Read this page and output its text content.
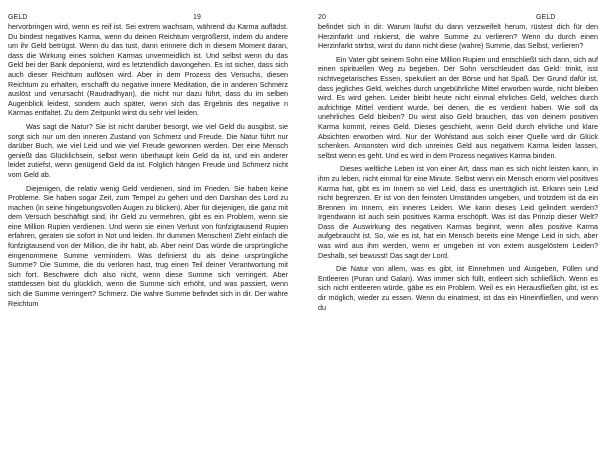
GELD	19

hervorbringen wird, wenn es reif ist. Sei extrem wachsam, während du Karma auflädst. Du bindest negatives Karma, wenn du deinen Reichtum vergrößerst, indem du andere um ihr Geld betrügst. Wenn du das tust, dann erinnere dich in diesem Moment daran, dass die Wirkung eines solchen Karmas unvermeidlich ist. Und selbst wenn du das Geld bei der Bank deponierst, wird es letztendlich davongehen. Es ist sicher, dass sich auch dieser Reichtum auflösen wird. Aber in dem Prozess des Versuchs, diesen Reichtum zu erhalten, erschafft du negative innere Meditation, die in anderen Schmerz auslöst und verursacht (Raudradhyan), die nicht nur dazu führt, dass du im selben Augenblick leidest, sondem auch später, wenn sich das Ergebnis des negative n Karmas entfaltet. Zu dem Zeitpunkt wirst du sehr viel leiden.

Was sagt die Natur? Sie ist nicht darüber besorgt, wie viel Geld du ausgibst, sie sorgt sich nur um den inneren Zustand von Schmerz und Freude. Die Natur führt nur darüber Buch, wie viel Leid und wie viel Freude gewonnen werden. Der eine Mensch genießt das Glücklichsein, selbst wenn überhaupt kein Geld da ist, und ein anderer leidet zutiefst, wenn genügend Geld da ist. Folglich hängen Freude und Schmerz nicht vom Geld ab.

Diejenigen, die relativ wenig Geld verdienen, sind im Frieden. Sie haben keine Probleme. Sie haben sogar Zeit, zum Tempel zu gehen und den Darshan des Lord zu machen (in seine hingebungsvollen Augen zu blicken). Aber für diejenigen, die ganz mit dem Versuch beschäftigt sind, ihr Geld zu vermehren, gibt es ein Problem, wenn sie eine Million Rupien verdienen. Und wenn sie einen Verlust von fünfzigtausend Rupien erfahren, geraten sie sofort in Not und leiden. Ihr dummen Menschen! Zieht einfach die fünfzigtausend von der Million, die ihr habt, ab. Aber nein! Das würde die ursprüngliche eingenommene Summe vermindern. Was definierst du als deine ursprüngliche Summe? Die Summe, die du verloren hast, trug einen Teil deiner Verantwortung mit sich fort. Beschwere dich also nicht, wenn diese Summe sich verringert. Aber stattdessen bist du glücklich, wenn die Summe sich erhöht, und was passiert, wenn sich die Summe verringert? Schmerz. Die wahre Summe befindet sich in dir. Der wahre Reichtum

20	GELD

befindet sich in dir. Warum läufst du dann verzweifelt herum, rüstest dich für den Herzinfarkt und riskierst, die wahre Summe zu verlieren? Wenn du durch einen Herzinfarkt stirbst, wirst du dann nicht diese (wahre) Summe, das Selbst, verlieren?

Ein Vater gibt seinem Sohn eine Million Rupien und entschließt sich dann, sich auf einen spirituellen Weg zu begeben. Der Sohn verschleudert das Geld: trinkt, isst nichtvegetarisches Essen, spekuliert an der Börse und hat Spaß. Der Grund dafür ist, dass jegliches Geld, welches durch ungebührliche Mittel erworben wurde, nicht bleiben wird. Es wird gehen. Leider bleibt heute nicht einmal ehrliches Geld, welches durch aufrichtige Mittel verdient wurde, bei denen, die es verdient haben. Wie soll da unehrliches Geld bleiben? Du wirst also Geld brauchen, das von deinem positiven Karma kommt, reines Geld. Dieses geschieht, wenn Geld durch ehrliche und klare Absichten erworben wird. Nur der Wohlstand aus solch einer Quelle wird dir Glück schenken. Ansonsten wird dich unreines Geld aus negativem Karma leiden lassen, selbst wenn es geht. Und es wird in dem Prozess negatives Karma binden.

Dieses weltliche Leben ist von einer Art, dass man es sich nicht leisten kann, in ihm zu leben, nicht einmal für eine Minute. Selbst wenn ein Mensch enorm viel positives Karma hat, gibt es im Innern so viel Leid, dass es unerträglich ist. Erkann sein Leid nicht begrenzen. Er ist von den feinsten Umständen umgeben, und trotzdem ist da ein Brennen im Innern, ein inneres Leiden. Wie kann dieses Leid gelindert werden? Irgendwann ist auch sein positives Karma erschöpft. Was ist das Prinzip dieser Welt? Dass die Auswirkung des negativen Karmas beginnt, wenn alles positive Karma aufgebraucht ist. So, wie es ist, hat ein Mensch bereits eine Menge Leid in sich, aber was wird aus ihm werden, wenn er umgeben ist von extern ausgelöstem Leiden? Deshalb, sei bewusst! Das sagt der Lord.

Die Natur von allem, was es gibt, ist Einnehmen und Ausgeben, Füllen und Entleeren (Puran und Galan). Was immer sich füllt, entleert sich schließlich. Wenn es sich nicht entleeren würde, gäbe es ein Problem. Weil es ein Herausfließen gibt, ist es dir möglich, wieder zu essen. Wenn du einatmest, ist das ein Hineinfließen, und wenn du
